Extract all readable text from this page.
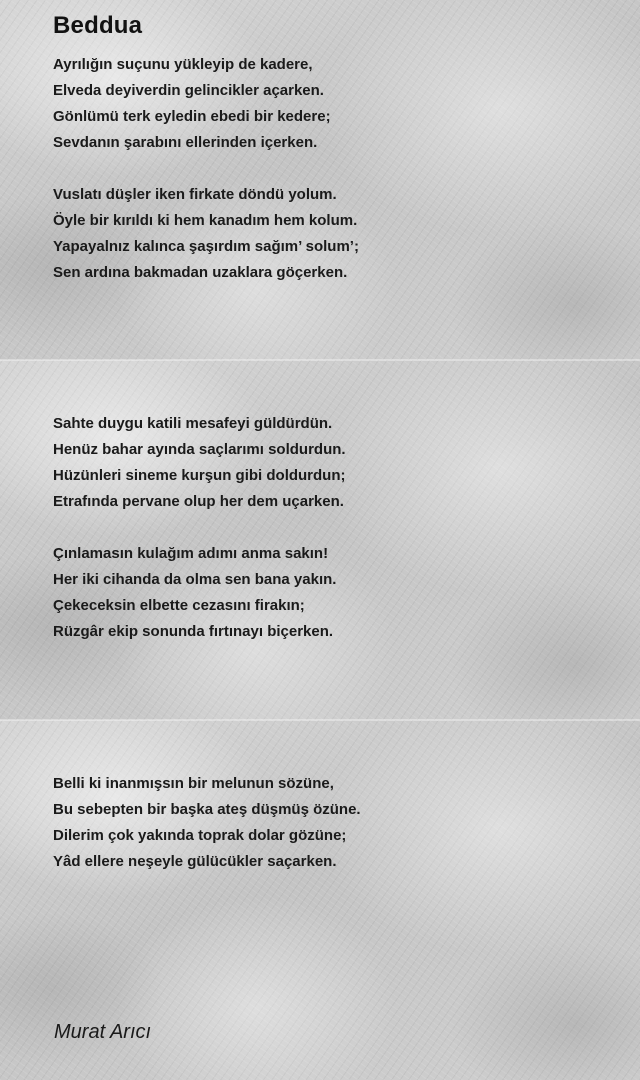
Beddua
Ayrılığın suçunu yükleyip de kadere,
Elveda deyiverdin gelincikler açarken.
Gönlümü terk eyledin ebedi bir kedere;
Sevdanın şarabını ellerinden içerken.
Vuslatı düşler iken firkate döndü yolum.
Öyle bir kırıldı ki hem kanadım hem kolum.
Yapayalnız kalınca şaşırdım sağım’ solum’;
Sen ardına bakmadan uzaklara göçerken.
Sahte duygu katili mesafeyi güldürdün.
Henüz bahar ayında saçlarımı soldurdun.
Hüzünleri sineme kurşun gibi doldurdun;
Etrafında pervane olup her dem uçarken.
Çınlamasın kulağım adımı anma sakın!
Her iki cihanda da olma sen bana yakın.
Çekeceksin elbette cezasını firakın;
Rüzgâr ekip sonunda fırtınayı biçerken.
Belli ki inanmışsın bir melunun sözüne,
Bu sebepten bir başka ateş düşmüş özüne.
Dilerim çok yakında toprak dolar gözüne;
Yâd ellere neşeyle gülücükler saçarken.

Murat Arıcı
